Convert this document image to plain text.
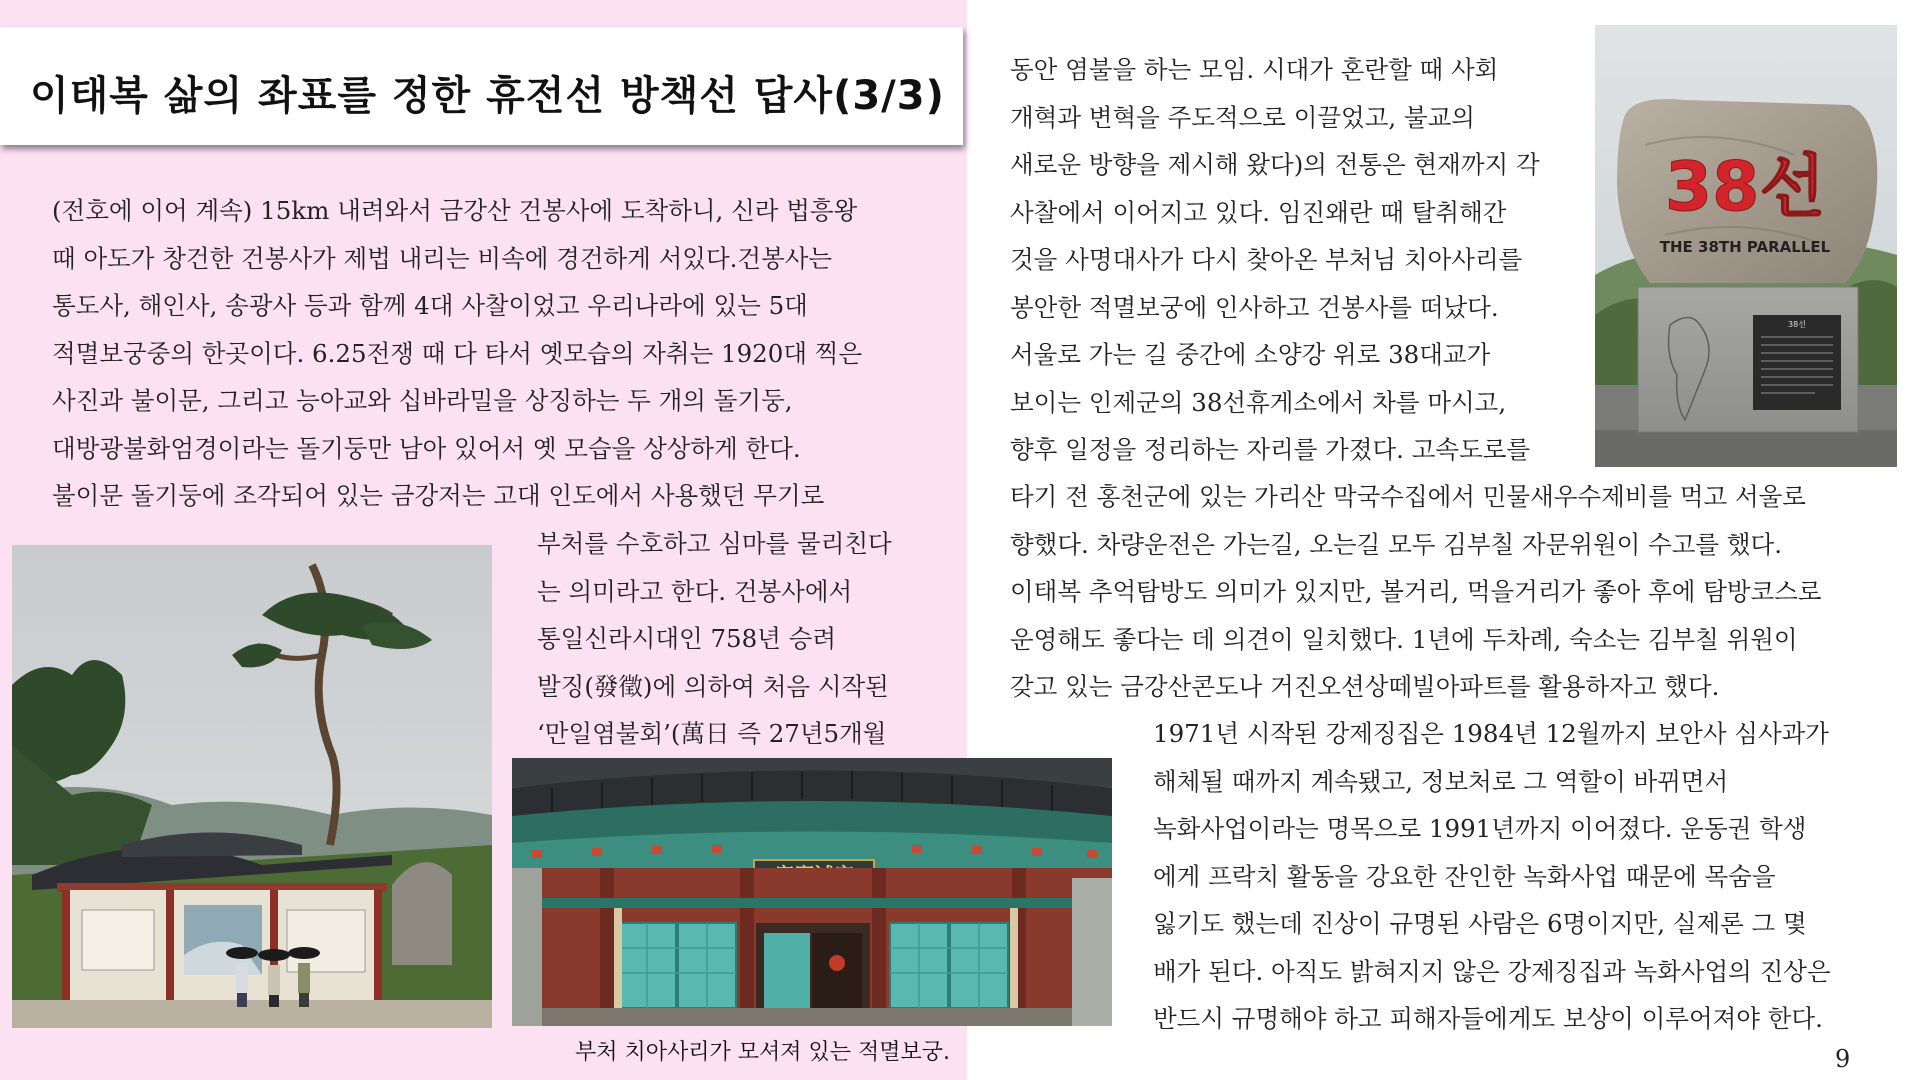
이태복 삶의 좌표를 정한 휴전선 방책선 답사(3/3)
(전호에 이어 계속) 15km 내려와서 금강산 건봉사에 도착하니, 신라 법흥왕
때 아도가 창건한 건봉사가 제법 내리는 비속에 경건하게 서있다.건봉사는
통도사, 해인사, 송광사 등과 함께 4대 사찰이었고 우리나라에 있는 5대
적멸보궁중의 한곳이다. 6.25전쟁 때 다 타서 옛모습의 자취는 1920대 찍은
사진과 불이문, 그리고 능아교와 십바라밀을 상징하는 두 개의 돌기둥,
대방광불화엄경이라는 돌기둥만 남아 있어서 옛 모습을 상상하게 한다.
불이문 돌기둥에 조각되어 있는 금강저는 고대 인도에서 사용했던 무기로
부처를 수호하고 심마를 물리친다
는 의미라고 한다. 건봉사에서
통일신라시대인 758년 승려
발징(發徵)에 의하여 처음 시작된
‘만일염불회’(萬日 즉 27년5개월
동안 염불을 하는 모임. 시대가 혼란할 때 사회
개혁과 변혁을 주도적으로 이끌었고, 불교의
새로운 방향을 제시해 왔다)의 전통은 현재까지 각
사찰에서 이어지고 있다. 임진왜란 때 탈취해간
것을 사명대사가 다시 찾아온 부처님 치아사리를
봉안한 적멸보궁에 인사하고 건봉사를 떠났다.
서울로 가는 길 중간에 소양강 위로 38대교가
보이는 인제군의 38선휴게소에서 차를 마시고,
향후 일정을 정리하는 자리를 가졌다. 고속도로를
타기 전 홍천군에 있는 가리산 막국수집에서 민물새우수제비를 먹고 서울로
향했다. 차량운전은 가는길, 오는길 모두 김부칠 자문위원이 수고를 했다.
이태복 추억탐방도 의미가 있지만, 볼거리, 먹을거리가 좋아 후에 탐방코스로
운영해도 좋다는 데 의견이 일치했다. 1년에 두차례, 숙소는 김부칠 위원이
갖고 있는 금강산콘도나 거진오션상떼빌아파트를 활용하자고 했다.
1971년 시작된 강제징집은 1984년 12월까지 보안사 심사과가
해체될 때까지 계속됐고, 정보처로 그 역할이 바뀌면서
녹화사업이라는 명목으로 1991년까지 이어졌다. 운동권 학생
에게 프락치 활동을 강요한 잔인한 녹화사업 때문에 목숨을
잃기도 했는데 진상이 규명된 사람은 6명이지만, 실제론 그 몇
배가 된다. 아직도 밝혀지지 않은 강제징집과 녹화사업의 진상은
반드시 규명해야 하고 피해자들에게도 보상이 이루어져야 한다.
38선
THE 38TH PARALLEL
38선
부처 치아사리가 모셔져 있는 적멸보궁.	9
